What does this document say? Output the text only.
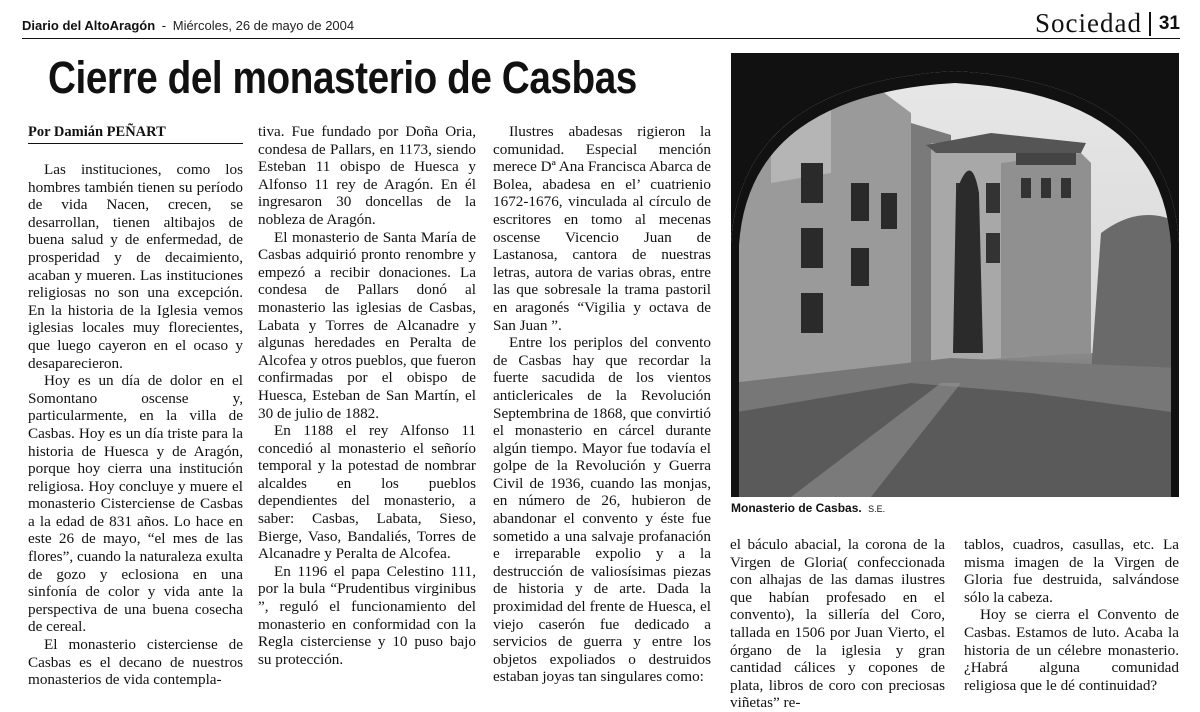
Diario del AltoAragón - Miércoles, 26 de mayo de 2004	Sociedad 31
Cierre del monasterio de Casbas
Por Damián PEÑART

Las instituciones, como los hombres también tienen su período de vida Nacen, crecen, se desarrollan, tienen altibajos de buena salud y de enfermedad, de prosperidad y de decaimiento, acaban y mueren. Las instituciones religiosas no son una excepción. En la historia de la Iglesia vemos iglesias locales muy florecientes, que luego cayeron en el ocaso y desaparecieron.

Hoy es un día de dolor en el Somontano oscense y, particularmente, en la villa de Casbas. Hoy es un día triste para la historia de Huesca y de Aragón, porque hoy cierra una institución religiosa. Hoy concluye y muere el monasterio Cisterciense de Casbas a la edad de 831 años. Lo hace en este 26 de mayo, “el mes de las flores”, cuando la naturaleza exulta de gozo y eclosiona en una sinfonía de color y vida ante la perspectiva de una buena cosecha de cereal.

El monasterio cisterciense de Casbas es el decano de nuestros monasterios de vida contempla-

tiva. Fue fundado por Doña Oria, condesa de Pallars, en 1173, siendo Esteban 11 obispo de Huesca y Alfonso 11 rey de Aragón. En él ingresaron 30 doncellas de la nobleza de Aragón.

El monasterio de Santa María de Casbas adquirió pronto renombre y empezó a recibir donaciones. La condesa de Pallars donó al monasterio las iglesias de Casbas, Labata y Torres de Alcanadre y algunas heredades en Peralta de Alcofea y otros pueblos, que fueron confirmadas por el obispo de Huesca, Esteban de San Martín, el 30 de julio de 1882.

En 1188 el rey Alfonso 11 concedió al monasterio el señorío temporal y la potestad de nombrar alcaldes en los pueblos dependientes del monasterio, a saber: Casbas, Labata, Sieso, Bierge, Vaso, Bandaliés, Torres de Alcanadre y Peralta de Alcofea.

En 1196 el papa Celestino 111, por la bula “Prudentibus virginibus ”, reguló el funcionamiento del monasterio en conformidad con la Regla cisterciense y 10 puso bajo su protección.

Ilustres abadesas rigieron la comunidad. Especial mención merece Dª Ana Francisca Abarca de Bolea, abadesa en el’ cuatrienio 1672-1676, vinculada al círculo de escritores en tomo al mecenas oscense Vicencio Juan de Lastanosa, cantora de nuestras letras, autora de varias obras, entre las que sobresale la trama pastoril en aragonés “Vigilia y octava de San Juan ”.

Entre los periplos del convento de Casbas hay que recordar la fuerte sacudida de los vientos anticlericales de la Revolución Septembrina de 1868, que convirtió el monasterio en cárcel durante algún tiempo. Mayor fue todavía el golpe de la Revolución y Guerra Civil de 1936, cuando las monjas, en número de 26, hubieron de abandonar el convento y éste fue sometido a una salvaje profanación e irreparable expolio y a la destrucción de valiosísimas piezas de historia y de arte. Dada la proximidad del frente de Huesca, el viejo caserón fue dedicado a servicios de guerra y entre los objetos expoliados o destruidos estaban joyas tan singulares como:

el báculo abacial, la corona de la Virgen de Gloria( confeccionada con alhajas de las damas ilustres que habían profesado en el convento), la sillería del Coro, tallada en 1506 por Juan Vierto, el órgano de la iglesia y gran cantidad cálices y copones de plata, libros de coro con preciosas viñetas” re-

tablos, cuadros, casullas, etc. La misma imagen de la Virgen de Gloria fue destruida, salvándose sólo la cabeza.

Hoy se cierra el Convento de Casbas. Estamos de luto. Acaba la historia de un célebre monasterio. ¿Habrá alguna comunidad religiosa que le dé continuidad?

Monasterio de Casbas. S.E.
